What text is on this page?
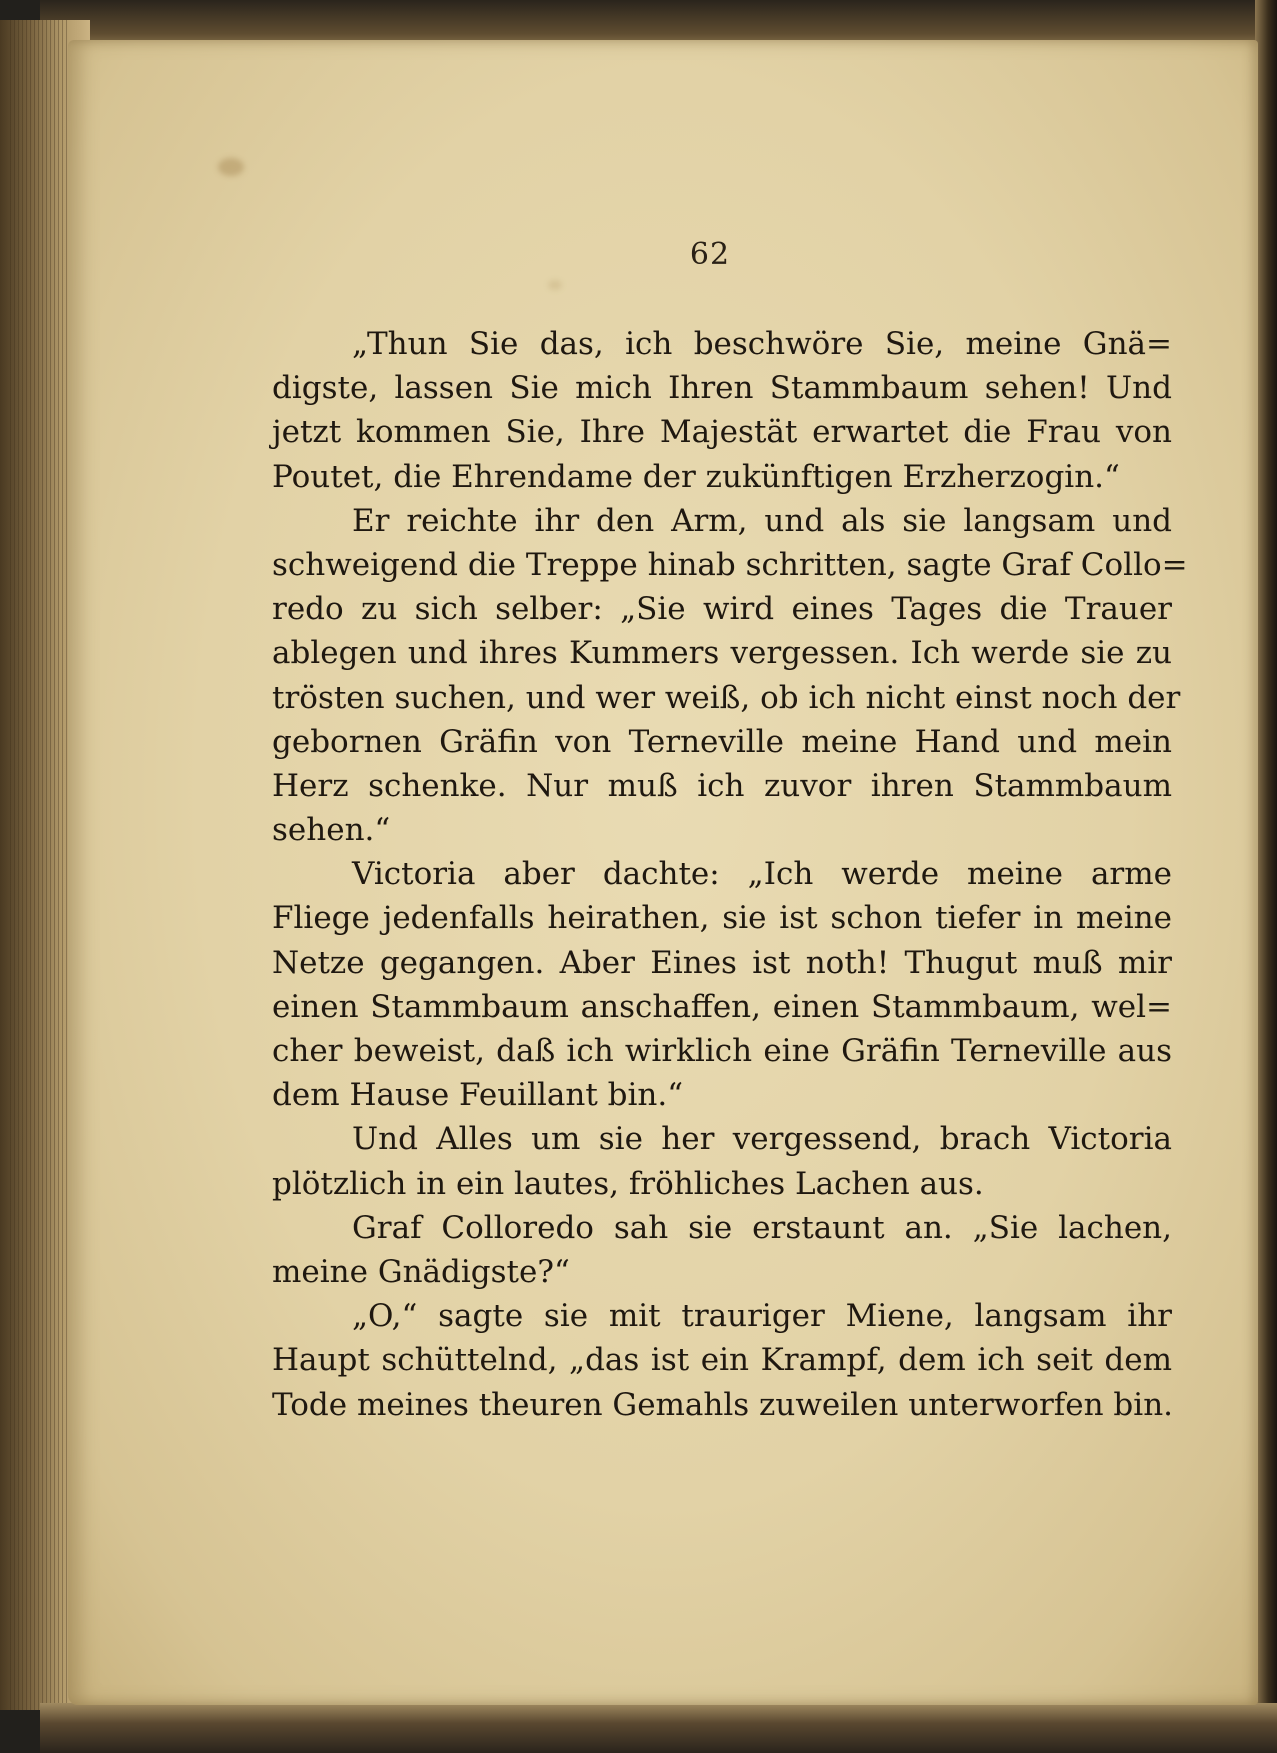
62
„Thun Sie das, ich beschwöre Sie, meine Gnä=
digste, lassen Sie mich Ihren Stammbaum sehen! Und
jetzt kommen Sie, Ihre Majestät erwartet die Frau von
Poutet, die Ehrendame der zukünftigen Erzherzogin.“
Er reichte ihr den Arm, und als sie langsam und
schweigend die Treppe hinab schritten, sagte Graf Collo=
redo zu sich selber: „Sie wird eines Tages die Trauer
ablegen und ihres Kummers vergessen. Ich werde sie zu
trösten suchen, und wer weiß, ob ich nicht einst noch der
gebornen Gräfin von Terneville meine Hand und mein
Herz schenke. Nur muß ich zuvor ihren Stammbaum
sehen.“
Victoria aber dachte: „Ich werde meine arme
Fliege jedenfalls heirathen, sie ist schon tiefer in meine
Netze gegangen. Aber Eines ist noth! Thugut muß mir
einen Stammbaum anschaffen, einen Stammbaum, wel=
cher beweist, daß ich wirklich eine Gräfin Terneville aus
dem Hause Feuillant bin.“
Und Alles um sie her vergessend, brach Victoria
plötzlich in ein lautes, fröhliches Lachen aus.
Graf Colloredo sah sie erstaunt an. „Sie lachen,
meine Gnädigste?“
„O,“ sagte sie mit trauriger Miene, langsam ihr
Haupt schüttelnd, „das ist ein Krampf, dem ich seit dem
Tode meines theuren Gemahls zuweilen unterworfen bin.
